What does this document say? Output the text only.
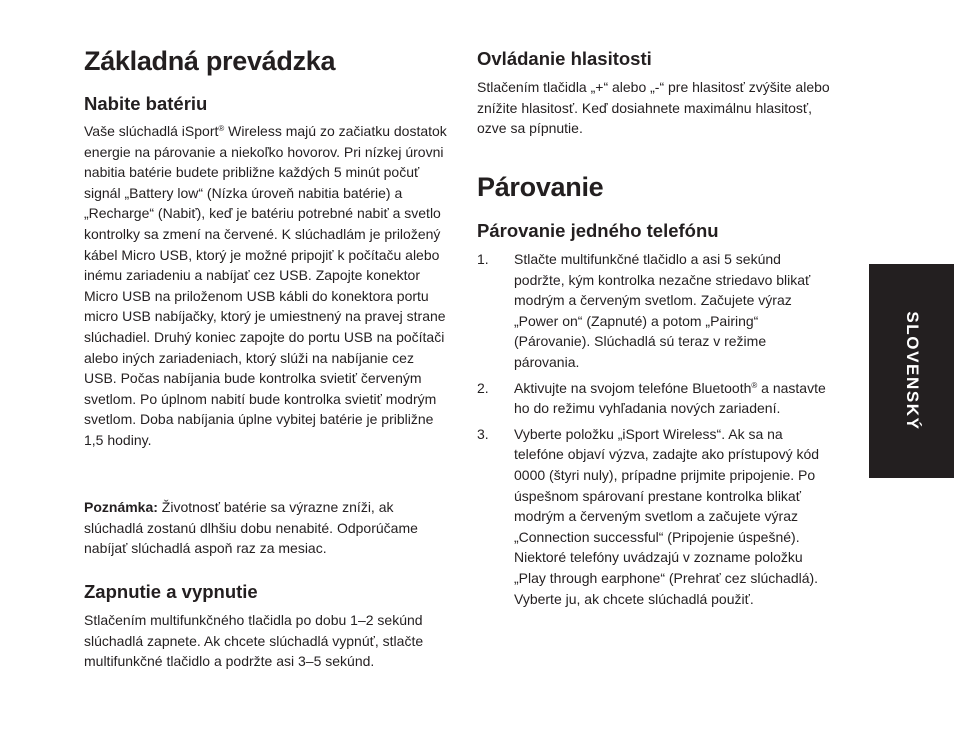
Základná prevádzka
Nabite batériu

Vaše slúchadlá iSport® Wireless majú zo začiatku dostatok energie na párovanie a niekoľko hovorov. Pri nízkej úrovni nabitia batérie budete približne každých 5 minút počuť signál „Battery low“ (Nízka úroveň nabitia batérie) a „Recharge“ (Nabiť), keď je batériu potrebné nabiť a svetlo kontrolky sa zmení na červené. K slúchadlám je priložený kábel Micro USB, ktorý je možné pripojiť k počítaču alebo inému zariadeniu a nabíjať cez USB. Zapojte konektor Micro USB na priloženom USB kábli do konektora portu micro USB nabíjačky, ktorý je umiestnený na pravej strane slúchadiel. Druhý koniec zapojte do portu USB na počítači alebo iných zariadeniach, ktorý slúži na nabíjanie cez USB. Počas nabíjania bude kontrolka svietiť červeným svetlom. Po úplnom nabití bude kontrolka svietiť modrým svetlom. Doba nabíjania úplne vybitej batérie je približne 1,5 hodiny.

Poznámka: Životnosť batérie sa výrazne zníži, ak slúchadlá zostanú dlhšiu dobu nenabité. Odporúčame nabíjať slúchadlá aspoň raz za mesiac.

Zapnutie a vypnutie

Stlačením multifunkčného tlačidla po dobu 1–2 sekúnd slúchadlá zapnete. Ak chcete slúchadlá vypnúť, stlačte multifunkčné tlačidlo a podržte asi 3–5 sekúnd.

Ovládanie hlasitosti

Stlačením tlačidla „+“ alebo „-“ pre hlasitosť zvýšite alebo znížite hlasitosť. Keď dosiahnete maximálnu hlasitosť, ozve sa pípnutie.

Párovanie
Párovanie jedného telefónu
1. Stlačte multifunkčné tlačidlo a asi 5 sekúnd podržte, kým kontrolka nezačne striedavo blikať modrým a červeným svetlom. Začujete výraz „Power on“ (Zapnuté) a potom „Pairing“ (Párovanie). Slúchadlá sú teraz v režime párovania.
2. Aktivujte na svojom telefóne Bluetooth® a nastavte ho do režimu vyhľadania nových zariadení.
3. Vyberte položku „iSport Wireless“. Ak sa na telefóne objaví výzva, zadajte ako prístupový kód 0000 (štyri nuly), prípadne prijmite pripojenie. Po úspešnom spárovaní prestane kontrolka blikať modrým a červeným svetlom a začujete výraz „Connection successful“ (Pripojenie úspešné). Niektoré telefóny uvádzajú v zozname položku „Play through earphone“ (Prehrať cez slúchadlá). Vyberte ju, ak chcete slúchadlá použiť.
SLOVENSKÝ
